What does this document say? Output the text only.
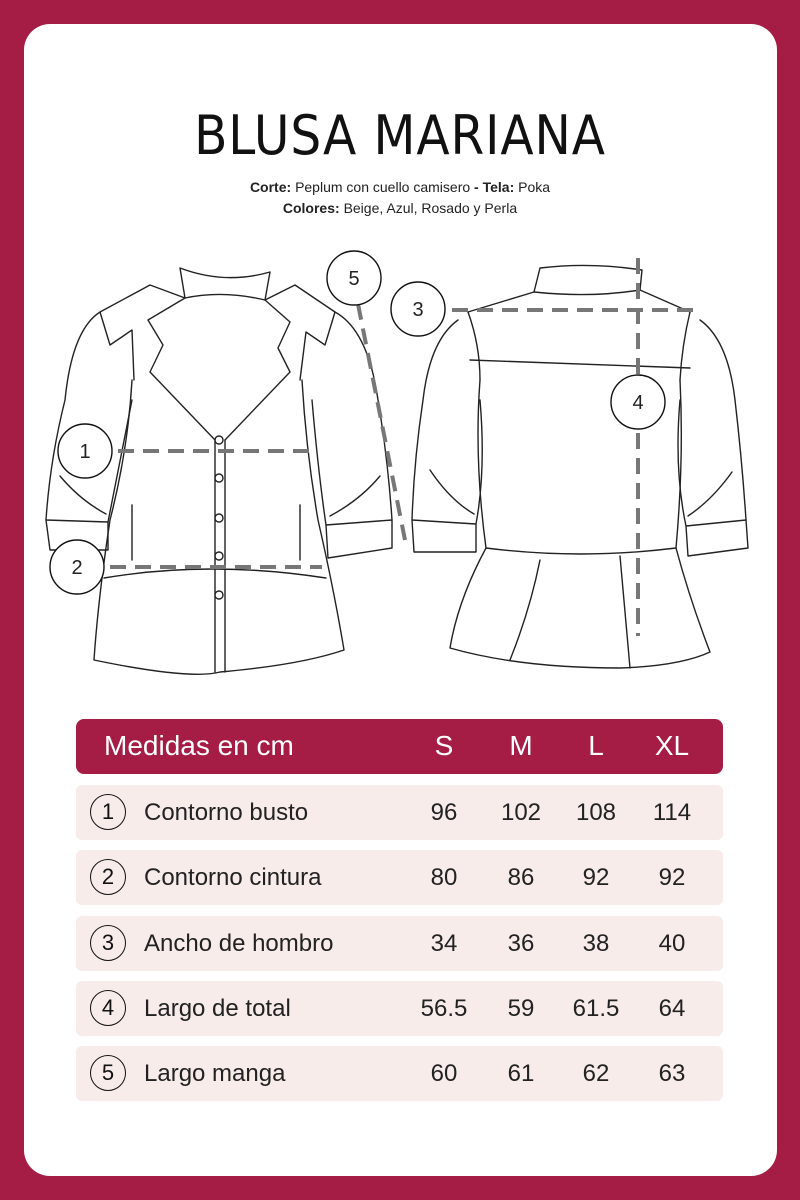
BLUSA MARIANA
Corte: Peplum con cuello camisero - Tela: Poka
Colores: Beige, Azul, Rosado y Perla
1
2
3
4
5
Medidas en cm	S	M	L	XL
1	Contorno busto	96	102	108	114
2	Contorno cintura	80	86	92	92
3	Ancho de hombro	34	36	38	40
4	Largo de total	56.5	59	61.5	64
5	Largo manga	60	61	62	63
